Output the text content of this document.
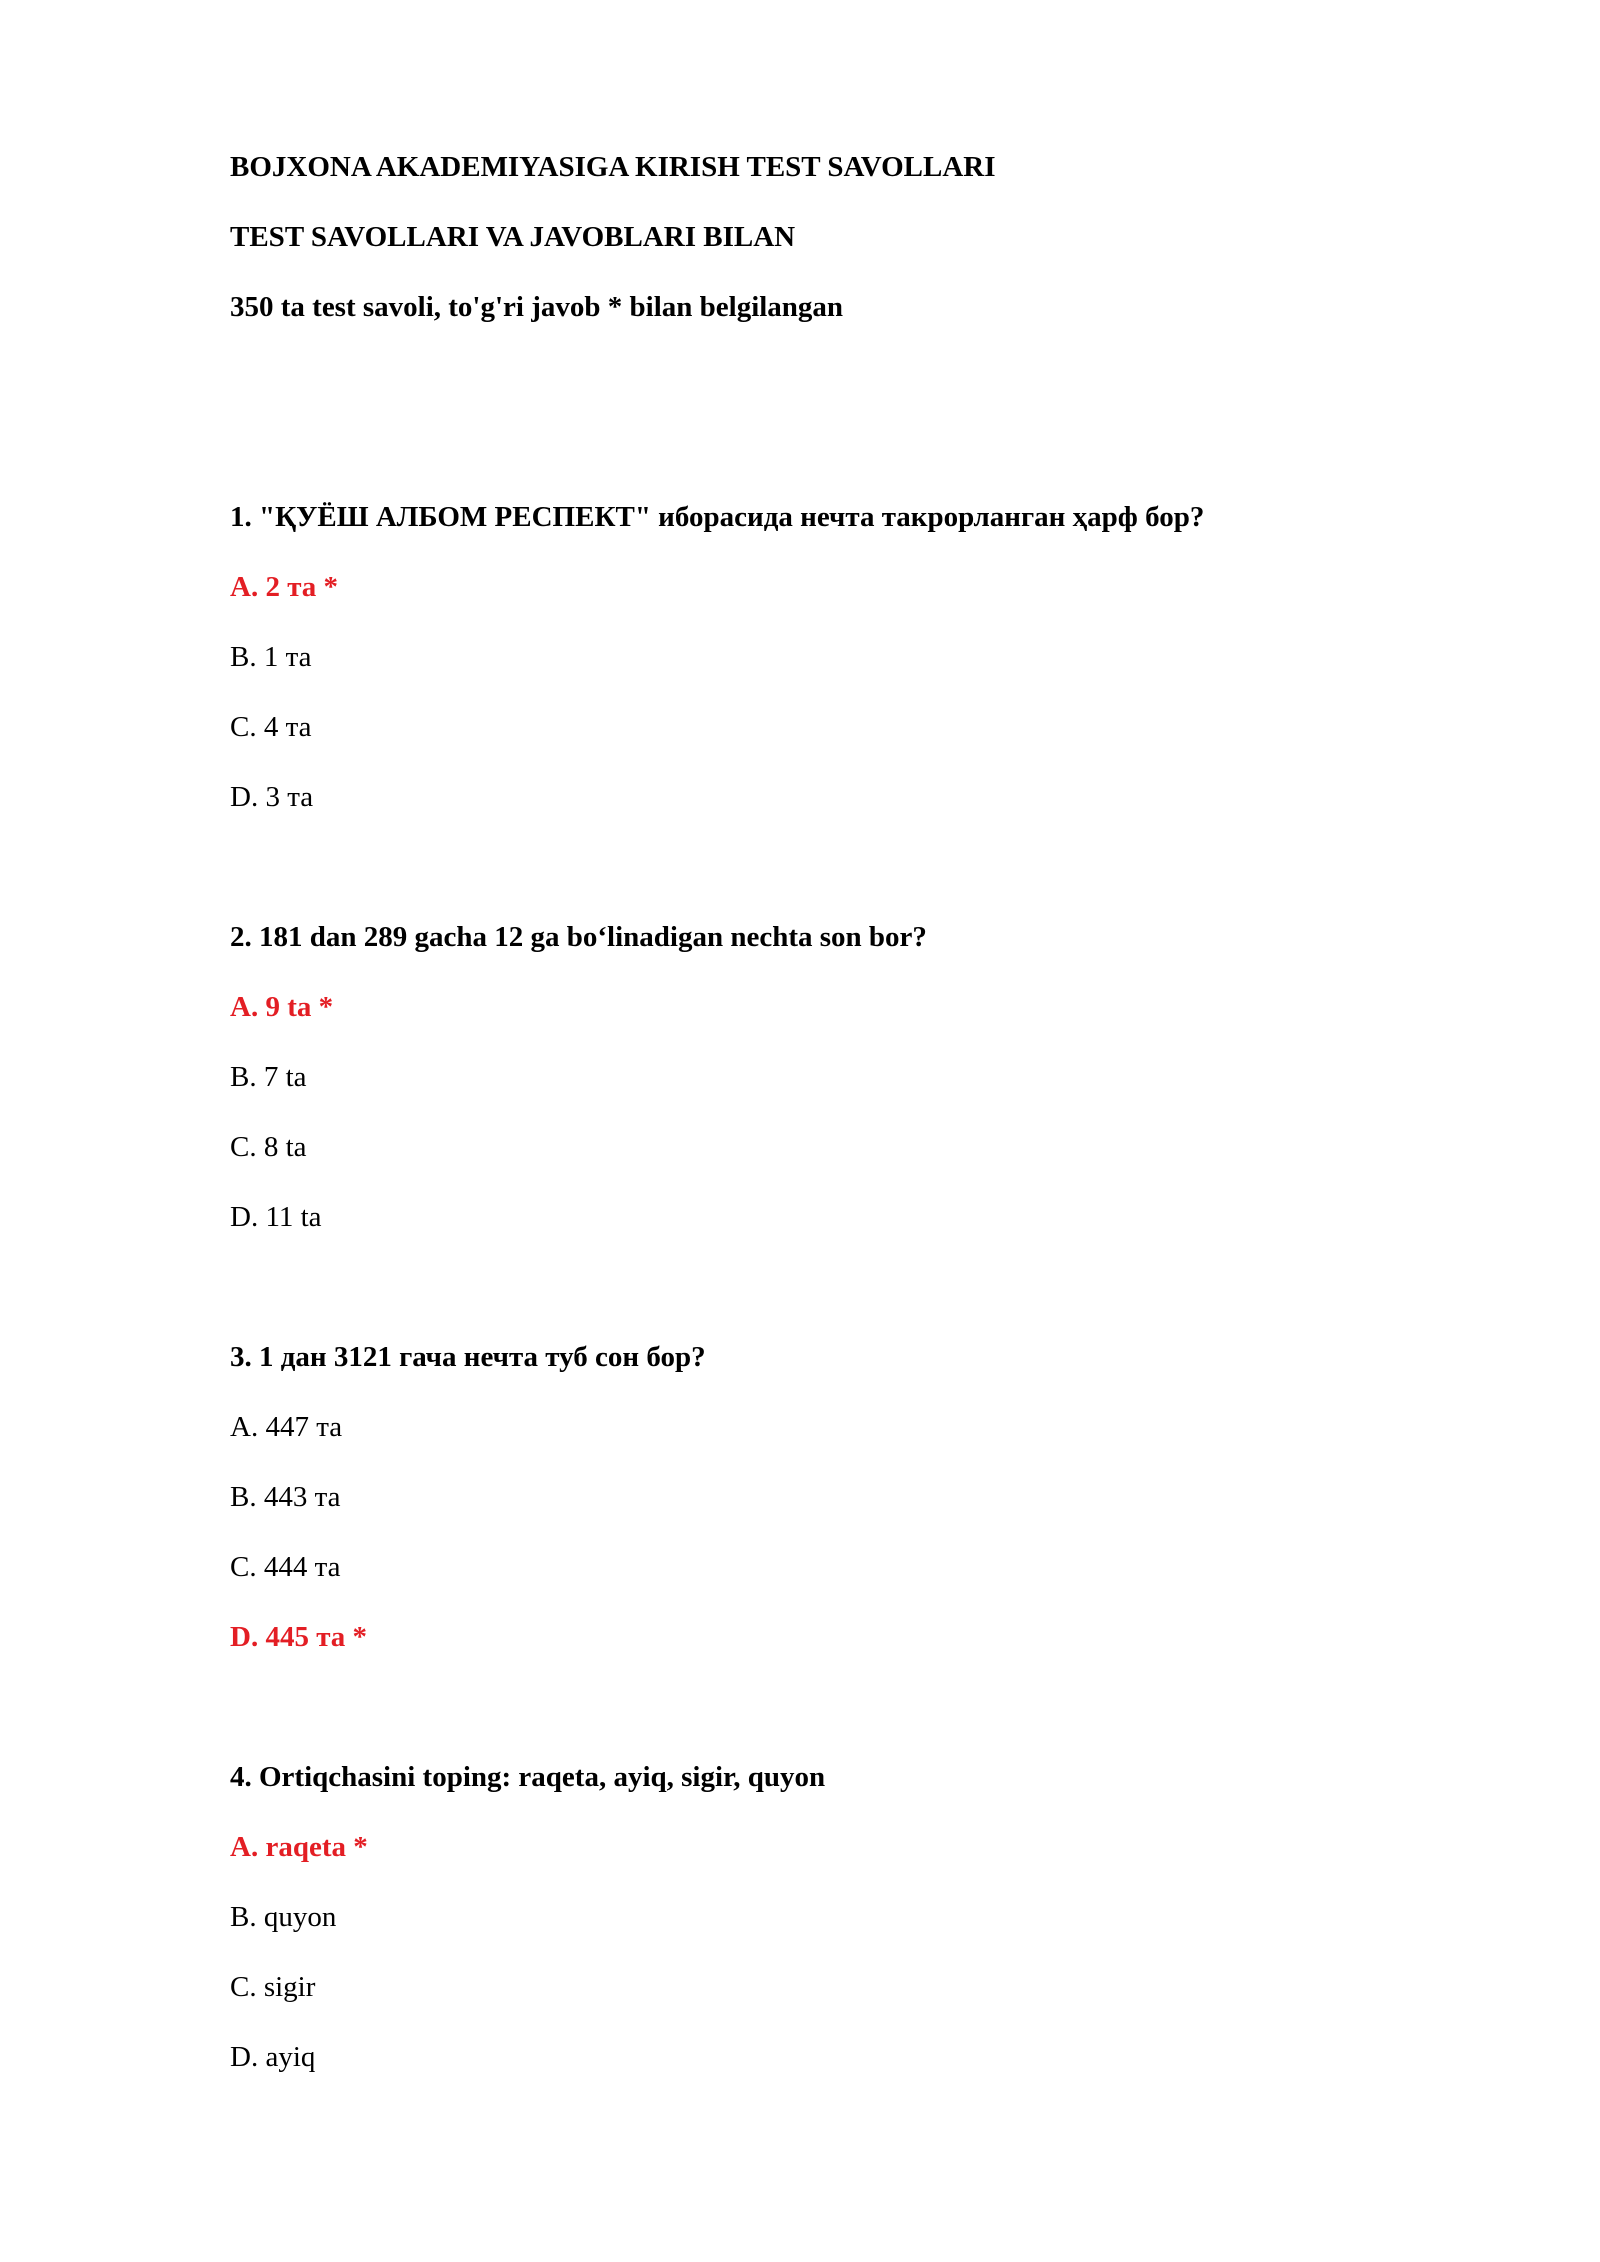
BOJXONA AKADEMIYASIGA KIRISH TEST SAVOLLARI
TEST SAVOLLARI VA JAVOBLARI BILAN
350 ta test savoli, to'g'ri javob * bilan belgilangan
1. "ҚУЁШ АЛБОМ РЕСПЕКТ" иборасида нечта такрорланган ҳарф бор?
A. 2 та *
B. 1 та
C. 4 та
D. 3 та
2. 181 dan 289 gacha 12 ga bo‘linadigan nechta son bor?
A. 9 ta *
B. 7 ta
C. 8 ta
D. 11 ta
3. 1 дан 3121 гача нечта туб сон бор?
A. 447 та
B. 443 та
C. 444 та
D. 445 та *
4. Ortiqchasini toping: raqeta, ayiq, sigir, quyon
A. raqeta *
B. quyon
C. sigir
D. ayiq
